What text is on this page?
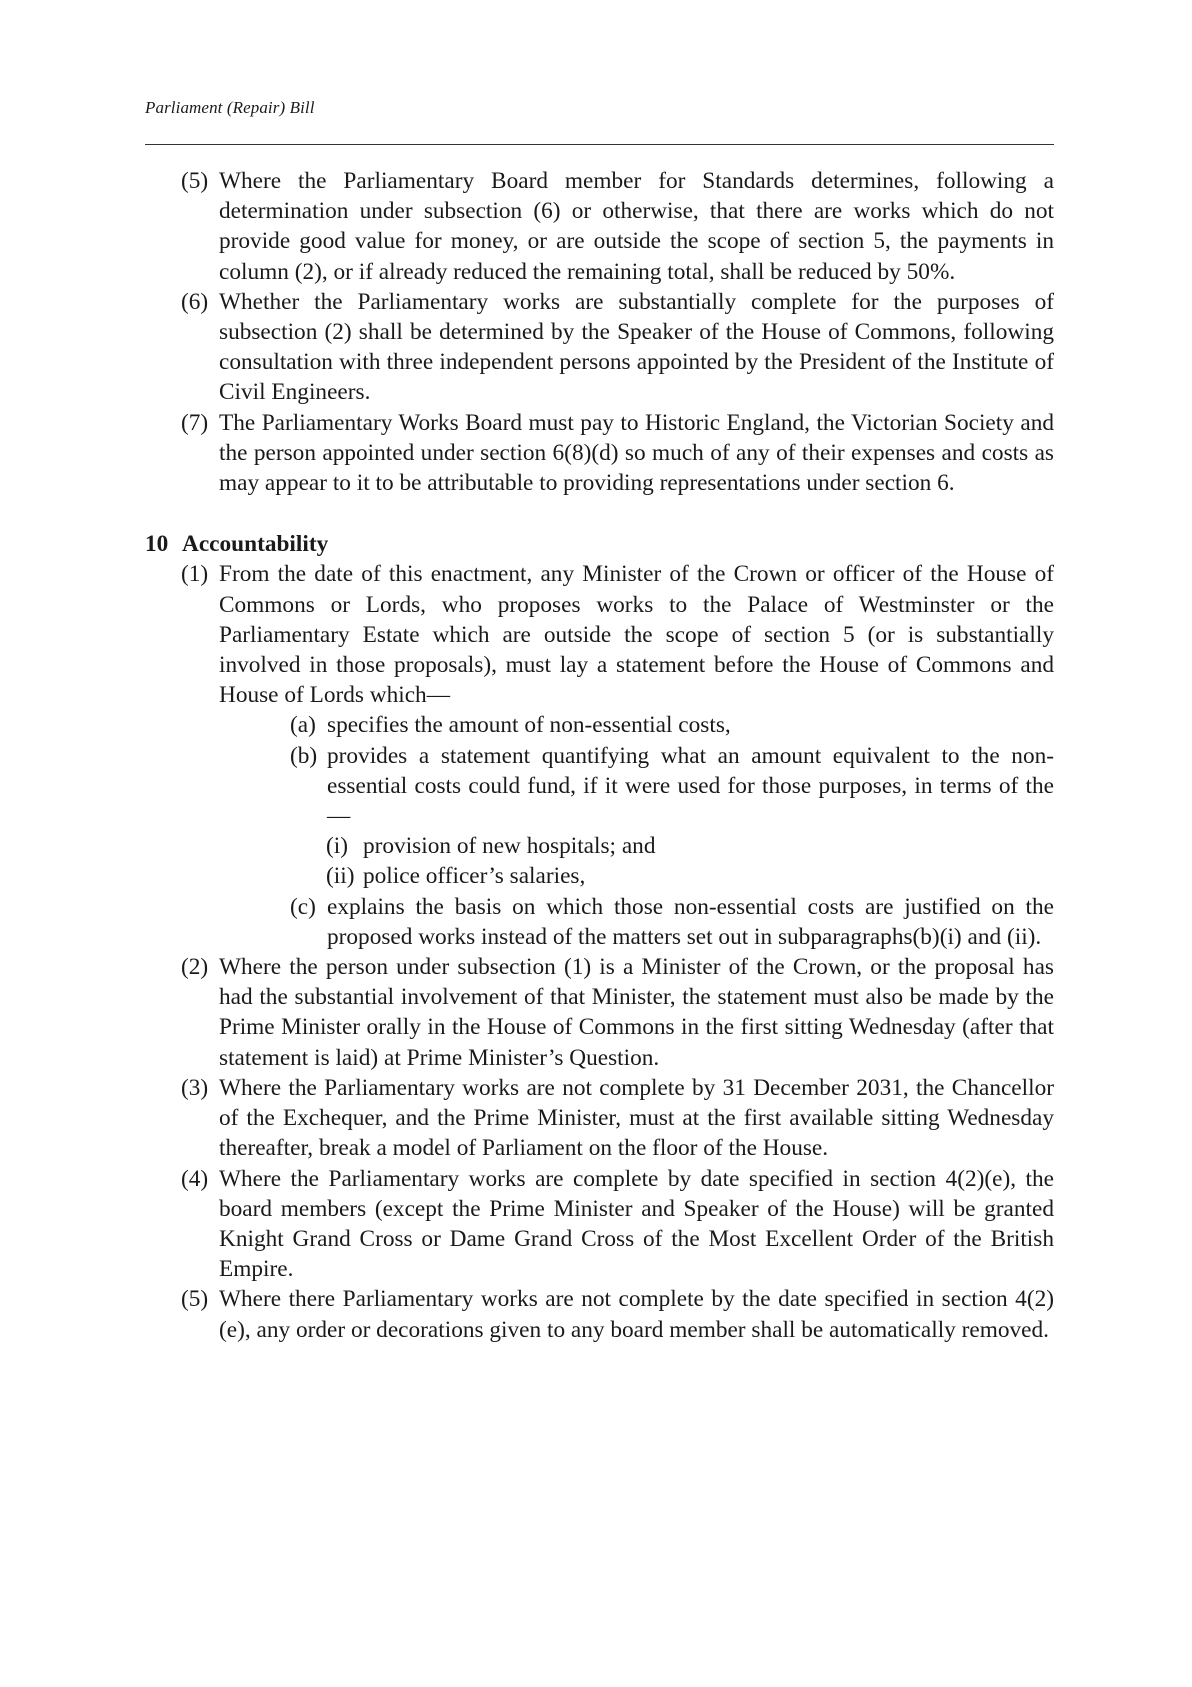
Parliament (Repair) Bill
(5) Where the Parliamentary Board member for Standards determines, following a determination under subsection (6) or otherwise, that there are works which do not provide good value for money, or are outside the scope of section 5, the payments in column (2), or if already reduced the remaining total, shall be reduced by 50%.
(6) Whether the Parliamentary works are substantially complete for the purposes of subsection (2) shall be determined by the Speaker of the House of Commons, following consultation with three independent persons appointed by the President of the Institute of Civil Engineers.
(7) The Parliamentary Works Board must pay to Historic England, the Victorian Society and the person appointed under section 6(8)(d) so much of any of their expenses and costs as may appear to it to be attributable to providing representations under section 6.
10 Accountability
(1) From the date of this enactment, any Minister of the Crown or officer of the House of Commons or Lords, who proposes works to the Palace of Westminster or the Parliamentary Estate which are outside the scope of section 5 (or is substantially involved in those proposals), must lay a statement before the House of Commons and House of Lords which—
(a) specifies the amount of non-essential costs,
(b) provides a statement quantifying what an amount equivalent to the non-essential costs could fund, if it were used for those purposes, in terms of the—
(i) provision of new hospitals; and
(ii) police officer’s salaries,
(c) explains the basis on which those non-essential costs are justified on the proposed works instead of the matters set out in subparagraphs(b)(i) and (ii).
(2) Where the person under subsection (1) is a Minister of the Crown, or the proposal has had the substantial involvement of that Minister, the statement must also be made by the Prime Minister orally in the House of Commons in the first sitting Wednesday (after that statement is laid) at Prime Minister’s Question.
(3) Where the Parliamentary works are not complete by 31 December 2031, the Chancellor of the Exchequer, and the Prime Minister, must at the first available sitting Wednesday thereafter, break a model of Parliament on the floor of the House.
(4) Where the Parliamentary works are complete by date specified in section 4(2)(e), the board members (except the Prime Minister and Speaker of the House) will be granted Knight Grand Cross or Dame Grand Cross of the Most Excellent Order of the British Empire.
(5) Where there Parliamentary works are not complete by the date specified in section 4(2)(e), any order or decorations given to any board member shall be automatically removed.
